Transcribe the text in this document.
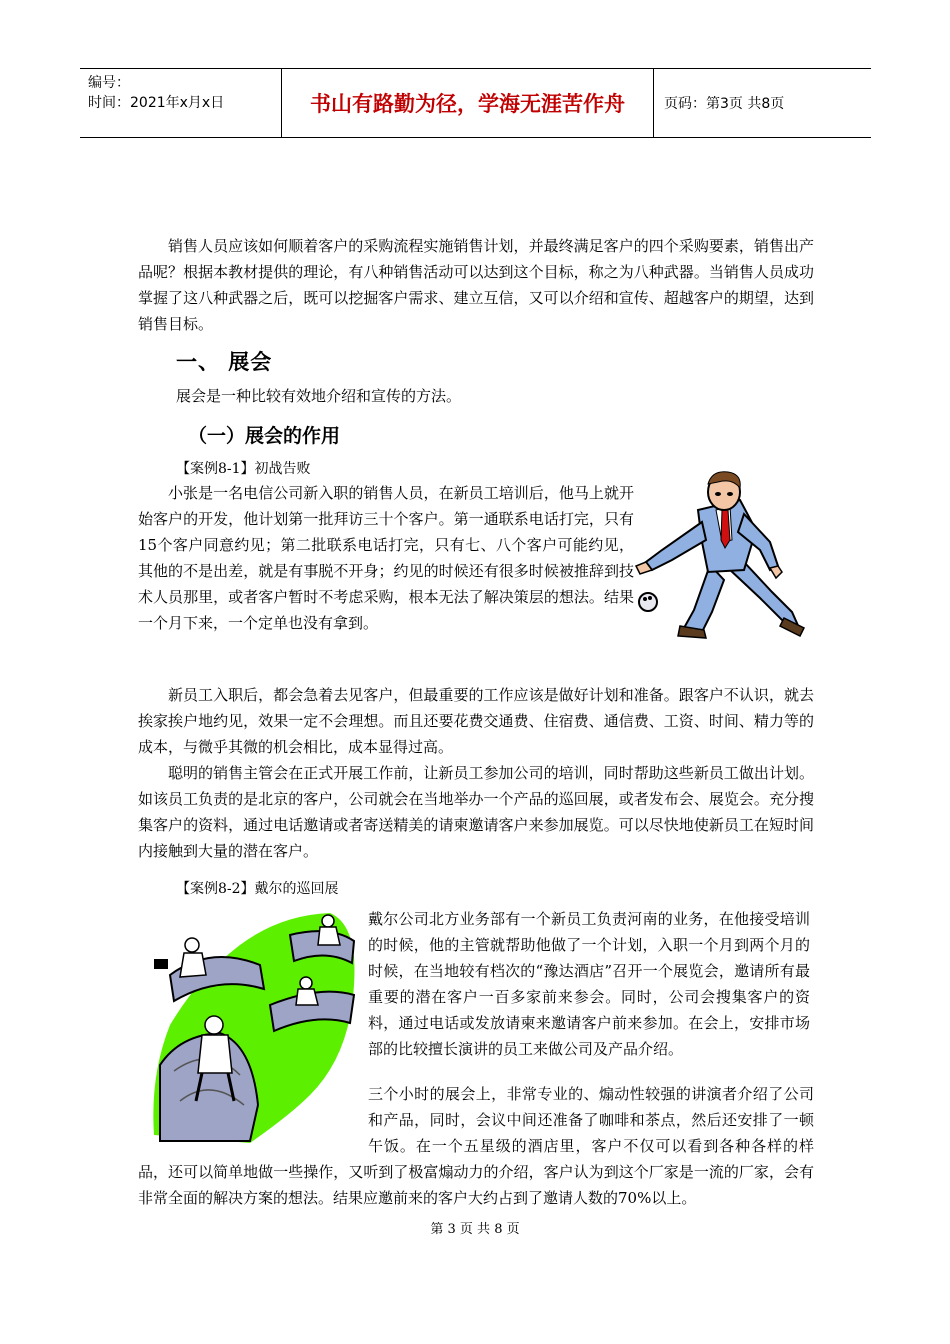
编号：
时间：2021年x月x日	书山有路勤为径，学海无涯苦作舟	页码：第3页 共8页

销售人员应该如何顺着客户的采购流程实施销售计划，并最终满足客户的四个采购要素，销售出产品呢？根据本教材提供的理论，有八种销售活动可以达到这个目标，称之为八种武器。当销售人员成功掌握了这八种武器之后，既可以挖掘客户需求、建立互信，又可以介绍和宣传、超越客户的期望，达到销售目标。

一、 展会
展会是一种比较有效地介绍和宣传的方法。
（一）展会的作用
【案例8-1】初战告败

小张是一名电信公司新入职的销售人员，在新员工培训后，他马上就开始客户的开发，他计划第一批拜访三十个客户。第一通联系电话打完，只有15个客户同意约见；第二批联系电话打完，只有七、八个客户可能约见，其他的不是出差，就是有事脱不开身；约见的时候还有很多时候被推辞到技术人员那里，或者客户暂时不考虑采购，根本无法了解决策层的想法。结果一个月下来，一个定单也没有拿到。

新员工入职后，都会急着去见客户，但最重要的工作应该是做好计划和准备。跟客户不认识，就去挨家挨户地约见，效果一定不会理想。而且还要花费交通费、住宿费、通信费、工资、时间、精力等的成本，与微乎其微的机会相比，成本显得过高。

聪明的销售主管会在正式开展工作前，让新员工参加公司的培训，同时帮助这些新员工做出计划。如该员工负责的是北京的客户，公司就会在当地举办一个产品的巡回展，或者发布会、展览会。充分搜集客户的资料，通过电话邀请或者寄送精美的请柬邀请客户来参加展览。可以尽快地使新员工在短时间内接触到大量的潜在客户。

【案例8-2】戴尔的巡回展

戴尔公司北方业务部有一个新员工负责河南的业务，在他接受培训的时候，他的主管就帮助他做了一个计划，入职一个月到两个月的时候，在当地较有档次的“豫达酒店”召开一个展览会，邀请所有最重要的潜在客户一百多家前来参会。同时，公司会搜集客户的资料，通过电话或发放请柬来邀请客户前来参加。在会上，安排市场部的比较擅长演讲的员工来做公司及产品介绍。

三个小时的展会上，非常专业的、煽动性较强的讲演者介绍了公司和产品，同时，会议中间还准备了咖啡和茶点，然后还安排了一顿午饭。在一个五星级的酒店里，客户不仅可以看到各种各样的样品，还可以简单地做一些操作，又听到了极富煽动力的介绍，客户认为到这个厂家是一流的厂家，会有非常全面的解决方案的想法。结果应邀前来的客户大约占到了邀请人数的70%以上。

第 3 页 共 8 页
